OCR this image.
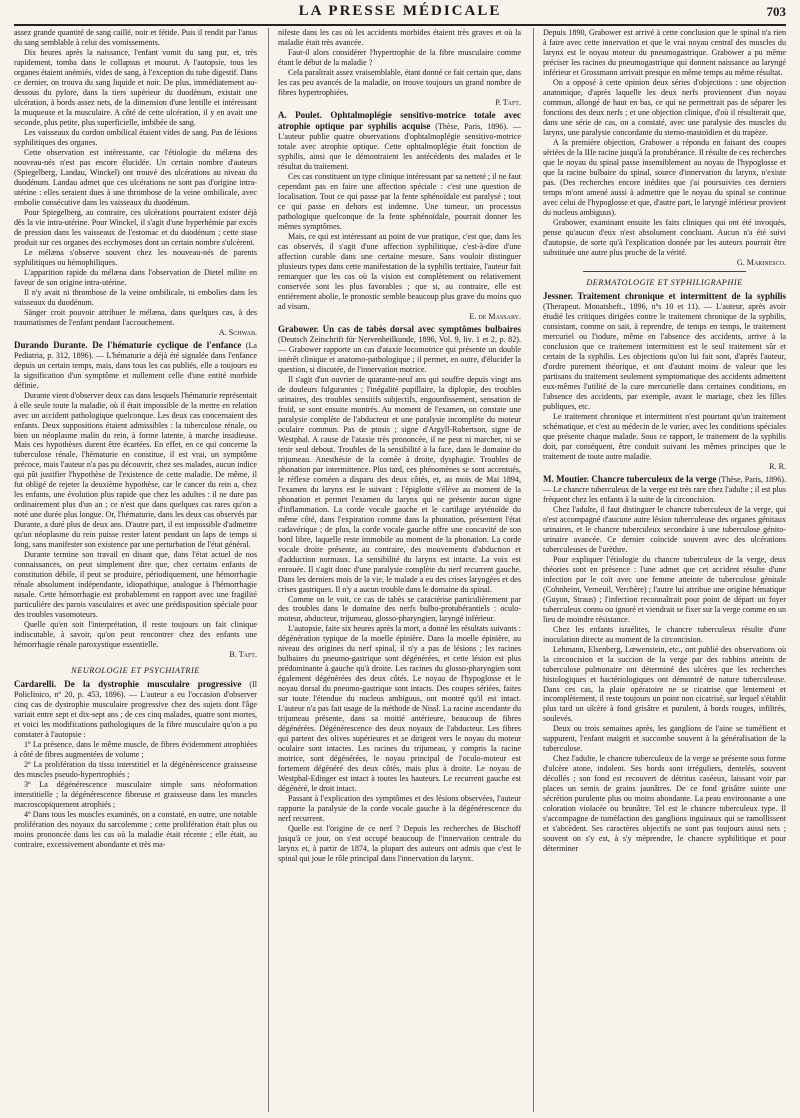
LA PRESSE MÉDICALE	703

assez grande quantité de sang caillé, noir et fétide. Puis il rendit par l'anus du sang semblable à celui des vomissements.

Dix heures après la naissance, l'enfant vomit du sang pur, et, très rapidement, tomba dans le collapsus et mourut. A l'autopsie, tous les organes étaient anémiés, vides de sang, à l'exception du tube digestif. Dans ce dernier, on trouva du sang liquide et noir. De plus, immédiatement au-dessous du pylore, dans la tiers supérieur du duodénum, existait une ulcération, à bords assez nets, de la dimension d'une lentille et intéressant la muqueuse et la musculaire. A côté de cette ulcération, il y en avait une seconde, plus petite, plus superficielle, imbibée de sang.

Les vaisseaux du cordon ombilical étaient vides de sang. Pas de lésions syphilitiques des organes.

Cette observation est intéressante, car l'étiologie du mélæna des nouveau-nés n'est pas encore élucidée. Un certain nombre d'auteurs (Spiegelberg, Landau, Winckel) ont trouvé des ulcérations au niveau du duodénum. Landau admet que ces ulcérations ne sont pas d'origine intra-utérine : elles seraient dues à une thrombose de la veine ombilicale, avec embolie consécutive dans les vaisseaux du duodénum.

Pour Spiegelberg, au contraire, ces ulcérations pourraient exister déjà dès la vie intra-utérine. Pour Winckel, il s'agit d'une hyperhémie par excès de pression dans les vaisseaux de l'estomac et du duodénum ; cette stase produit sur ces organes des ecchymoses dont un certain nombre s'ulcèrent.

Le mélæna s'observe souvent chez les nouveau-nés de parents syphilitiques ou hémophiliques.

L'apparition rapide du mélæna dans l'observation de Dietel milite en faveur de son origine intra-utérine.

Il n'y avait ni thrombose de la veine ombilicale, ni embolies dans les vaisseaux du duodénum.

Sänger croit pouvoir attribuer le mélæna, dans quelques cas, à des traumatismes de l'enfant pendant l'accouchement.

A. Schwab.

Durando Durante. De l'hématurie cyclique de l'enfance (La Pediatria, p. 312, 1896). — L'hématurie a déjà été signalée dans l'enfance depuis un certain temps, mais, dans tous les cas publiés, elle a toujours eu la signification d'un symptôme et nullement celle d'une entité morbide définie.

Durante vient d'observer deux cas dans lesquels l'hématurie représentait à elle seule toute la maladie, où il était impossible de la mettre en relation avec un accident pathologique quelconque. Les deux cas concernaient des enfants. Deux suppositions étaient admissibles : la tuberculose rénale, ou bien un néoplasme malin du rein, à forme latente, à marche insidieuse. Mais ces hypothèses durent être écartées. En effet, en ce qui concerne la tuberculose rénale, l'hématurie en constitue, il est vrai, un symptôme précoce, mais l'auteur n'a pas pu découvrir, chez ses malades, aucun indice qui pût justifier l'hypothèse de l'existence de cette maladie. De même, il fut obligé de rejeter la deuxième hypothèse, car le cancer du rein a, chez les enfants, une évolution plus rapide que chez les adultes : il ne dure pas ordinairement plus d'un an ; ce n'est que dans quelques cas rares qu'on a noté une durée plus longue. Or, l'hématurie, dans les deux cas observés par Durante, a duré plus de deux ans. D'autre part, il est impossible d'admettre qu'un néoplasme du rein puisse rester latent pendant un laps de temps si long, sans manifester son existence par une perturbation de l'état général.

Durante termine son travail en disant que, dans l'état actuel de nos connaissances, on peut simplement dire que, chez certains enfants de constitution débile, il peut se produire, périodiquement, une hémorrhagie rénale absolument indépendante, idiopathique, analogue à l'hémorrhagie nasale. Cette hémorrhagie est probablement en rapport avec une fragilité particulière des parois vasculaires et avec une prédisposition spéciale pour des troubles vasomoteurs.

Quelle qu'en soit l'interprétation, il reste toujours un fait clinique indiscutable, à savoir, qu'on peut rencontrer chez des enfants une hémorrhagie rénale paroxystique essentielle.

B. Taft.
NEUROLOGIE ET PSYCHIATRIE

Cardarelli. De la dystrophie musculaire progressive (Il Policlinico, nº 20, p. 453, 1896). — L'auteur a eu l'occasion d'observer cinq cas de dystrophie musculaire progressive chez des sujets dont l'âge variait entre sept et dix-sept ans ; de ces cinq malades, quatre sont mortes, et voici les modifications pathologiques de la fibre musculaire qu'on a pu constater à l'autopsie :

1º La présence, dans le même muscle, de fibres évidemment atrophiées à côté de fibres augmentées de volume ;

2º La prolifération du tissu interstitiel et la dégénérescence graisseuse des muscles pseudo-hypertrophiés ;

3º La dégénérescence musculaire simple sans néoformation interstitielle ; la dégénérescence fibreuse et graisseuse dans les muscles macroscopiquement atrophiés ;

4º Dans tous les muscles examinés, on a constaté, en outre, une notable prolifération des noyaux du sarcolemme ; cette prolifération était plus ou moins prononcée dans les cas où la maladie était récente ; elle était, au contraire, excessivement abondante et très ma-

nifeste dans les cas où les accidents morbides étaient très graves et où la maladie était très avancée.

Faut-il alors considérer l'hypertrophie de la fibre musculaire comme étant le début de la maladie ?

Cela paraîtrait assez vraisemblable, étant donné ce fait certain que, dans les cas peu avancés de la maladie, on trouve toujours un grand nombre de fibres hypertrophiées.

P. Taft.

A. Poulet. Ophtalmoplégie sensitivo-motrice totale avec atrophie optique par syphilis acquise (Thèse, Paris, 1896). — L'auteur publie quatre observations d'ophtalmoplégie sensitivo-motrice totale avec atrophie optique. Cette ophtalmoplégie était fonction de syphilis, ainsi que le démontraient les antécédents des malades et le résultat du traitement.

Ces cas constituent un type clinique intéressant par sa netteté ; il ne faut cependant pas en faire une affection spéciale : c'est une question de localisation. Tout ce qui passe par la fente sphénoïdale est paralysé ; tout ce qui passe en dehors est indemne. Une tumeur, un processus pathologique quelconque de la fente sphénoïdale, pourrait donner les mêmes symptômes.

Mais, ce qui est intéressant au point de vue pratique, c'est que, dans les cas observés, il s'agit d'une affection syphilitique, c'est-à-dire d'une affection curable dans une certaine mesure. Sans vouloir distinguer plusieurs types dans cette manifestation de la syphilis tertiaire, l'auteur fait remarquer que les cas où la vision est complètement ou relativement conservée sont les plus favorables ; que si, au contraire, elle est entièrement abolie, le pronostic semble beaucoup plus grave du moins quo ad visum.

E. de Massary.

Grabower. Un cas de tabès dorsal avec symptômes bulbaires (Deutsch Zeitschrift für Nervenheilkunde, 1896, Vol. 9, liv. 1 et 2, p. 82). — Grabower rapporte un cas d'ataxie locomotrice qui présente un double intérêt clinique et anatomo-pathologique ; il permet, en outre, d'élucider la question, si discutée, de l'innervation motrice.

Il s'agit d'un ouvrier de quarante-neuf ans qui souffre depuis vingt ans de douleurs fulgurantes ; l'inégalité pupillaire, la diplopie, des troubles urinaires, des troubles sensitifs subjectifs, engourdissement, sensation de froid, se sont ensuite montrés. Au moment de l'examen, on constate une paralysie complète de l'abducteur et une paralysie incomplète du moteur oculaire commun. Pas de ptosis ; signe d'Argyll-Robertson, signe de Westphal. A cause de l'ataxie très prononcée, il ne peut ni marcher, ni se tenir seul debout. Troubles de la sensibilité à la face, dans le domaine du trijumeau. Anesthésie de la cornée à droite, dysphagie. Troubles de phonation par intermittence. Plus tard, ces phénomènes se sont accentués, le réflexe cornéen a disparu des deux côtés, et, au mois de Mai 1894, l'examen du larynx est le suivant : l'épiglotte s'élève au moment de la phonation et permet l'examen du larynx qui ne présente aucun signe d'inflammation. La corde vocale gauche et le cartilage aryténoïde du même côté, dans l'expiration comme dans la phonation, présentent l'état cadavérique ; de plus, la corde vocale gauche offre une concavité de son bord libre, laquelle reste immobile au moment de la phonation. La corde vocale droite présente, au contraire, des mouvements d'abduction et d'adduction normaux. La sensibilité du larynx est intacte. La voix est enrouée. Il s'agit donc d'une paralysie complète du nerf recurrent gauche. Dans les derniers mois de la vie, le malade a eu des crises laryngées et des crises gastriques. Il n'y a aucun trouble dans le domaine du spinal.

Comme on le voit, ce cas de tabès se caractérise particulièrement par des troubles dans le domaine des nerfs bulbo-protubérantiels : oculo-moteur, abducteur, trijumeau, glosso-pharyngien, laryngé inférieur.

L'autopsie, faite six heures après la mort, a donné les résultats suivants : dégénération typique de la moelle épinière. Dans la moelle épinière, au niveau des origines du nerf spinal, il n'y a pas de lésions ; les racines bulbaires du pneumo-gastrique sont dégénérées, et cette lésion est plus prédominante à gauche qu'à droite. Les racines du glosso-pharyngien sont également dégénérées des deux côtés. Le noyau de l'hypoglosse et le noyau dorsal du pneumo-gastrique sont intacts. Des coupes sériées, faites sur toute l'étendue du nucleus ambiguus, ont montré qu'il est intact. L'auteur n'a pas fait usage de la méthode de Nissl. La racine ascendante du trijumeau présente, dans sa moitié antérieure, beaucoup de fibres dégénérées. Dégénérescence des deux noyaux de l'abducteur. Les fibres qui partent des olives supérieures et se dirigent vers le noyau du moteur oculaire sont intactes. Les racines du trijumeau, y compris la racine motrice, sont dégénérées, le noyau principal de l'oculo-moteur est fortement dégénéré des deux côtés, mais plus à droite. Le noyau de Westphal-Edinger est intact à toutes les hauteurs. Le recurrent gauche est dégénéré, le droit intact.

Passant à l'explication des symptômes et des lésions observées, l'auteur rapporte la paralysie de la corde vocale gauche à la dégénérescence du nerf recurrent.

Quelle est l'origine de ce nerf ? Depuis les recherches de Bischoff jusqu'à ce jour, on s'est occupé beaucoup de l'innervation centrale du larynx et, à partir de 1874, la plupart des auteurs ont admis que c'est le spinal qui joue le rôle principal dans l'innervation du larynx.

Depuis 1890, Grabower est arrivé à cette conclusion que le spinal n'a rien à faire avec cette innervation et que le vrai noyau central des muscles du larynx est le noyau moteur du pneumogastrique. Grabower a pu même préciser les racines du pneumogastrique qui donnent naissance au laryngé inférieur et Grossmann arrivait presque en même temps au même résultat.

On a opposé à cette opinion deux séries d'objections : une objection anatomique, d'après laquelle les deux nerfs proviennent d'un noyau commun, allongé de haut en bas, ce qui ne permettrait pas de séparer les fonctions des deux nerfs ; et une objection clinique, d'où il résulterait que, dans une série de cas, on a constaté, avec une paralysie des muscles du larynx, une paralysie concordante du sterno-mastoïdien et du trapèze.

A la première objection, Grabower a répondu en faisant des coupes sériées de la IIIe racine jusqu'à la protubérance. Il résulte de ces recherches que le noyau du spinal passe insensiblement au noyau de l'hypoglosse et que la racine bulbaire du spinal, source d'innervation du larynx, n'existe pas. (Des recherches encore inédites que j'ai poursuivies ces derniers temps m'ont amené aussi à admettre que le noyau du spinal se continue avec celui de l'hypoglosse et que, d'autre part, le laryngé inférieur provient du nucleus ambiguus).

Grabower, examinant ensuite les faits cliniques qui ont été invoqués, pense qu'aucun d'eux n'est absolument concluant. Aucun n'a été suivi d'autopsie, de sorte qu'à l'explication donnée par les auteurs pourrait être substituée une autre plus proche de la vérité.

G. Marinesco.
DERMATOLOGIE ET SYPHILIGRAPHIE

Jessner. Traitement chronique et intermittent de la syphilis (Therapeut. Monatsheft., 1896, nºs 10 et 11). — L'auteur, après avoir étudié les critiques dirigées contre le traitement chronique de la syphilis, consistant, comme on sait, à reprendre, de temps en temps, le traitement mercuriel ou l'iodure, même en l'absence des accidents, arrive à la conclusion que ce traitement intermittent est le seul traitement sûr et certain de la syphilis. Les objections qu'on lui fait sont, d'après l'auteur, d'ordre purement théorique, et ont d'autant moins de valeur que les partisans du traitement seulement symptomatique des accidents admettent eux-mêmes l'utilité de la cure mercurielle dans certaines conditions, en l'absence des accidents, par exemple, avant le mariage, chez les filles publiques, etc.

Le traitement chronique et intermittent n'est pourtant qu'un traitement schématique, et c'est au médecin de le varier, avec les conditions spéciales que présente chaque malade. Sous ce rapport, le traitement de la syphilis doit, par conséquent, être conduit suivant les mêmes principes que le traitement de toute autre maladie.

R. R.

M. Moutier. Chancre tuberculeux de la verge (Thèse, Paris, 1896). — Le chancre tuberculeux de la verge est très rare chez l'adulte ; il est plus fréquent chez les enfants à la suite de la circoncision.

Chez l'adulte, il faut distinguer le chancre tuberculeux de la verge, qui n'est accompagné d'aucune autre lésion tuberculeuse des organes génitaux urinaires, et le chancre tuberculeux secondaire à une tuberculose génito-urinaire avancée. Ce dernier coïncide souvent avec des ulcérations tuberculeuses de l'urèthre.

Pour expliquer l'étiologie du chancre tuberculeux de la verge, deux théories sont en présence : l'une admet que cet accident résulte d'une infection par le coït avec une femme atteinte de tuberculose génitale (Cohnheim, Verneuil, Verchère) ; l'autre lui attribue une origine hématique (Guyon, Straus) ; l'infection reconnaîtrait pour point de départ un foyer tuberculeux connu ou ignoré et viendrait se fixer sur la verge comme en un lieu de moindre résistance.

Chez les enfants israélites, le chancre tuberculeux résulte d'une inoculation directe au moment de la circoncision.

Lehmann, Elsenberg, Lœwenstein, etc., ont publié des observations où la circoncision et la succion de la verge par des rabbins atteints de tuberculose pulmonaire ont déterminé des ulcères que les recherches histologiques et bactériologiques ont démontré de nature tuberculeuse. Dans ces cas, la plaie opératoire ne se cicatrise que lentement et incomplètement, il reste toujours un point non cicatrisé, sur lequel s'établit plus tard un ulcère à fond grisâtre et purulent, à bords rouges, infiltrés, soulevés.

Deux ou trois semaines après, les ganglions de l'aine se tuméfient et suppurent, l'enfant maigrit et succombe souvent à la généralisation de la tuberculose.

Chez l'adulte, le chancre tuberculeux de la verge se présente sous forme d'ulcère atone, indolent. Ses bords sont irréguliers, dentelés, souvent décollés ; son fond est recouvert de détritus caséeux, laissant voir par places un semis de grains jaunâtres. De ce fond grisâtre suinte une sécrétion purulente plus ou moins abondante. La peau environnante a une coloration violacée ou brunâtre. Tel est le chancre tuberculeux type. Il s'accompagne de tuméfaction des ganglions inguinaux qui se ramollissent et s'abcèdent. Ses caractères objectifs ne sont pas toujours aussi nets ; souvent on s'y est, à s'y méprendre, le chancre syphilitique et pour déterminer
